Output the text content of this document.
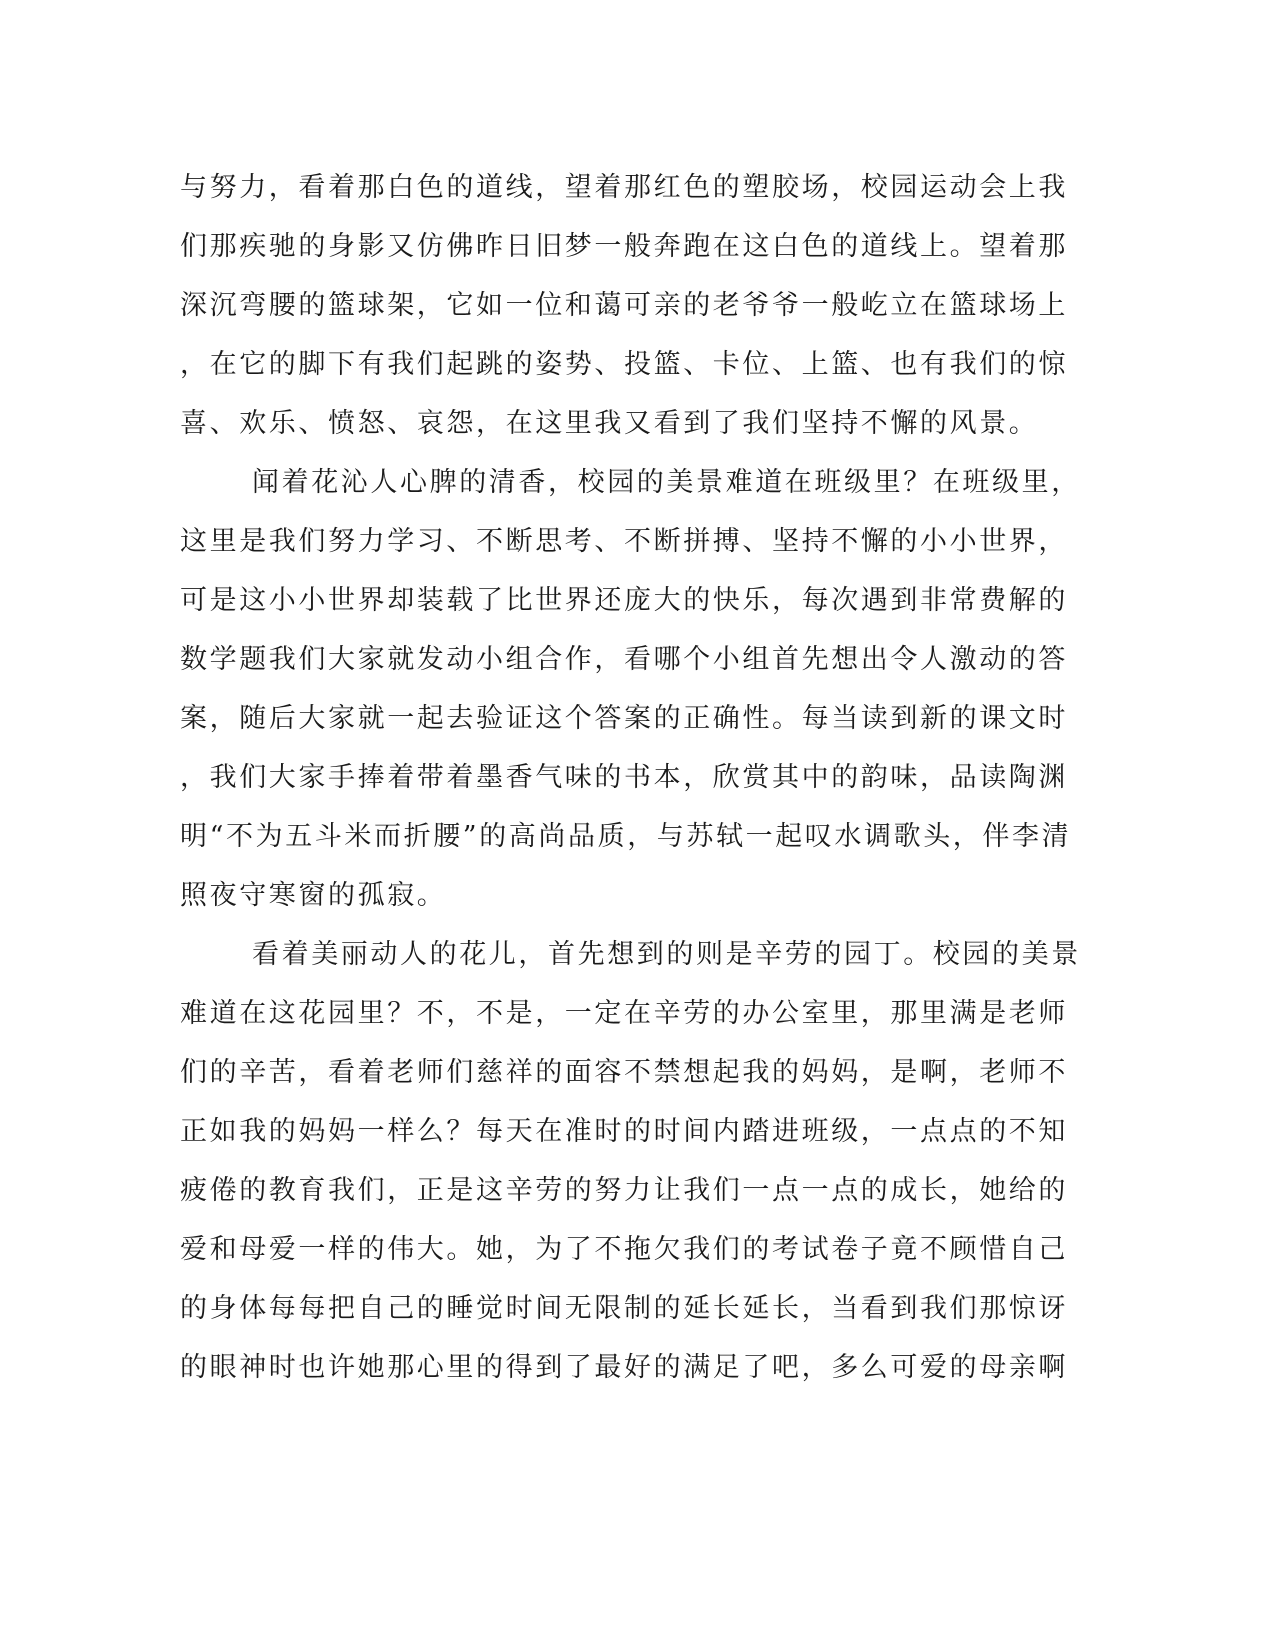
与努力，看着那白色的道线，望着那红色的塑胶场，校园运动会上我
们那疾驰的身影又仿佛昨日旧梦一般奔跑在这白色的道线上。望着那
深沉弯腰的篮球架，它如一位和蔼可亲的老爷爷一般屹立在篮球场上
，在它的脚下有我们起跳的姿势、投篮、卡位、上篮、也有我们的惊
喜、欢乐、愤怒、哀怨，在这里我又看到了我们坚持不懈的风景。
闻着花沁人心脾的清香，校园的美景难道在班级里？在班级里，
这里是我们努力学习、不断思考、不断拼搏、坚持不懈的小小世界，
可是这小小世界却装载了比世界还庞大的快乐，每次遇到非常费解的
数学题我们大家就发动小组合作，看哪个小组首先想出令人激动的答
案，随后大家就一起去验证这个答案的正确性。每当读到新的课文时
，我们大家手捧着带着墨香气味的书本，欣赏其中的韵味，品读陶渊
明“不为五斗米而折腰”的高尚品质，与苏轼一起叹水调歌头，伴李清
照夜守寒窗的孤寂。
看着美丽动人的花儿，首先想到的则是辛劳的园丁。校园的美景
难道在这花园里？不，不是，一定在辛劳的办公室里，那里满是老师
们的辛苦，看着老师们慈祥的面容不禁想起我的妈妈，是啊，老师不
正如我的妈妈一样么？每天在准时的时间内踏进班级，一点点的不知
疲倦的教育我们，正是这辛劳的努力让我们一点一点的成长，她给的
爱和母爱一样的伟大。她，为了不拖欠我们的考试卷子竟不顾惜自己
的身体每每把自己的睡觉时间无限制的延长延长，当看到我们那惊讶
的眼神时也许她那心里的得到了最好的满足了吧，多么可爱的母亲啊
